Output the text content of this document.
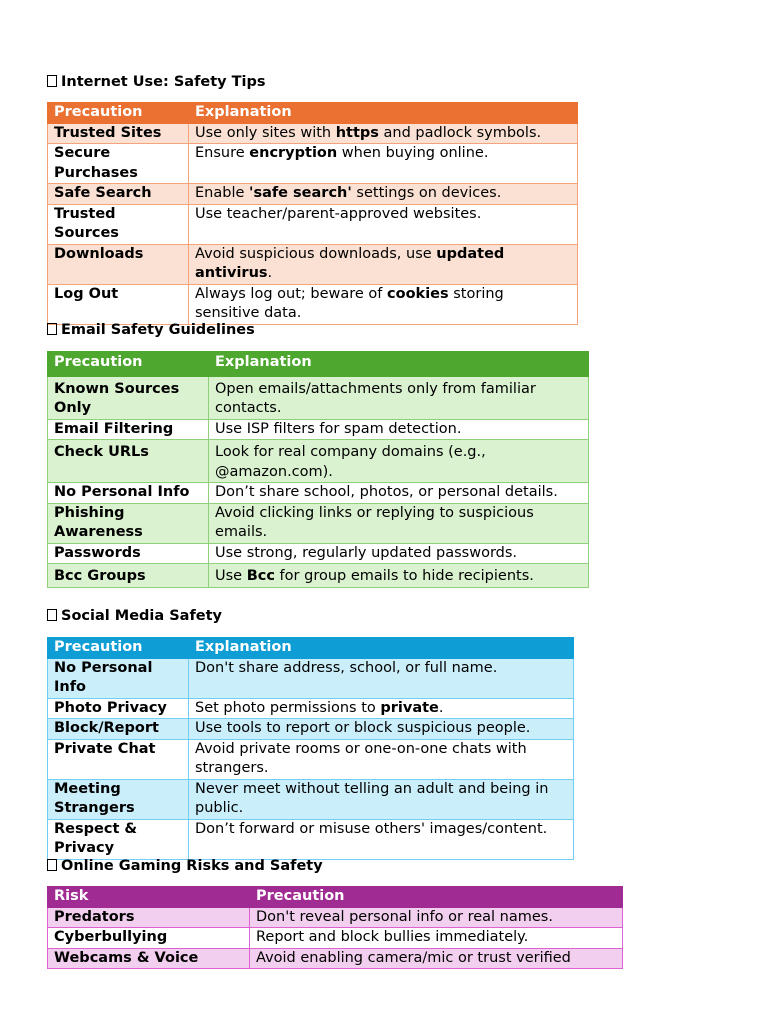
Internet Use: Safety Tips
Precaution	Explanation
Trusted Sites	Use only sites with https and padlock symbols.
Secure Purchases	Ensure encryption when buying online.
Safe Search	Enable 'safe search' settings on devices.
Trusted Sources	Use teacher/parent-approved websites.
Downloads	Avoid suspicious downloads, use updated antivirus.
Log Out	Always log out; beware of cookies storing sensitive data.
Email Safety Guidelines
Precaution	Explanation
Known Sources Only	Open emails/attachments only from familiar contacts.
Email Filtering	Use ISP filters for spam detection.
Check URLs	Look for real company domains (e.g., @amazon.com).
No Personal Info	Don’t share school, photos, or personal details.
Phishing Awareness	Avoid clicking links or replying to suspicious emails.
Passwords	Use strong, regularly updated passwords.
Bcc Groups	Use Bcc for group emails to hide recipients.
Social Media Safety
Precaution	Explanation
No Personal Info	Don't share address, school, or full name.
Photo Privacy	Set photo permissions to private.
Block/Report	Use tools to report or block suspicious people.
Private Chat	Avoid private rooms or one-on-one chats with strangers.
Meeting Strangers	Never meet without telling an adult and being in public.
Respect & Privacy	Don’t forward or misuse others' images/content.
Online Gaming Risks and Safety
Risk	Precaution
Predators	Don't reveal personal info or real names.
Cyberbullying	Report and block bullies immediately.
Webcams & Voice	Avoid enabling camera/mic or trust verified
